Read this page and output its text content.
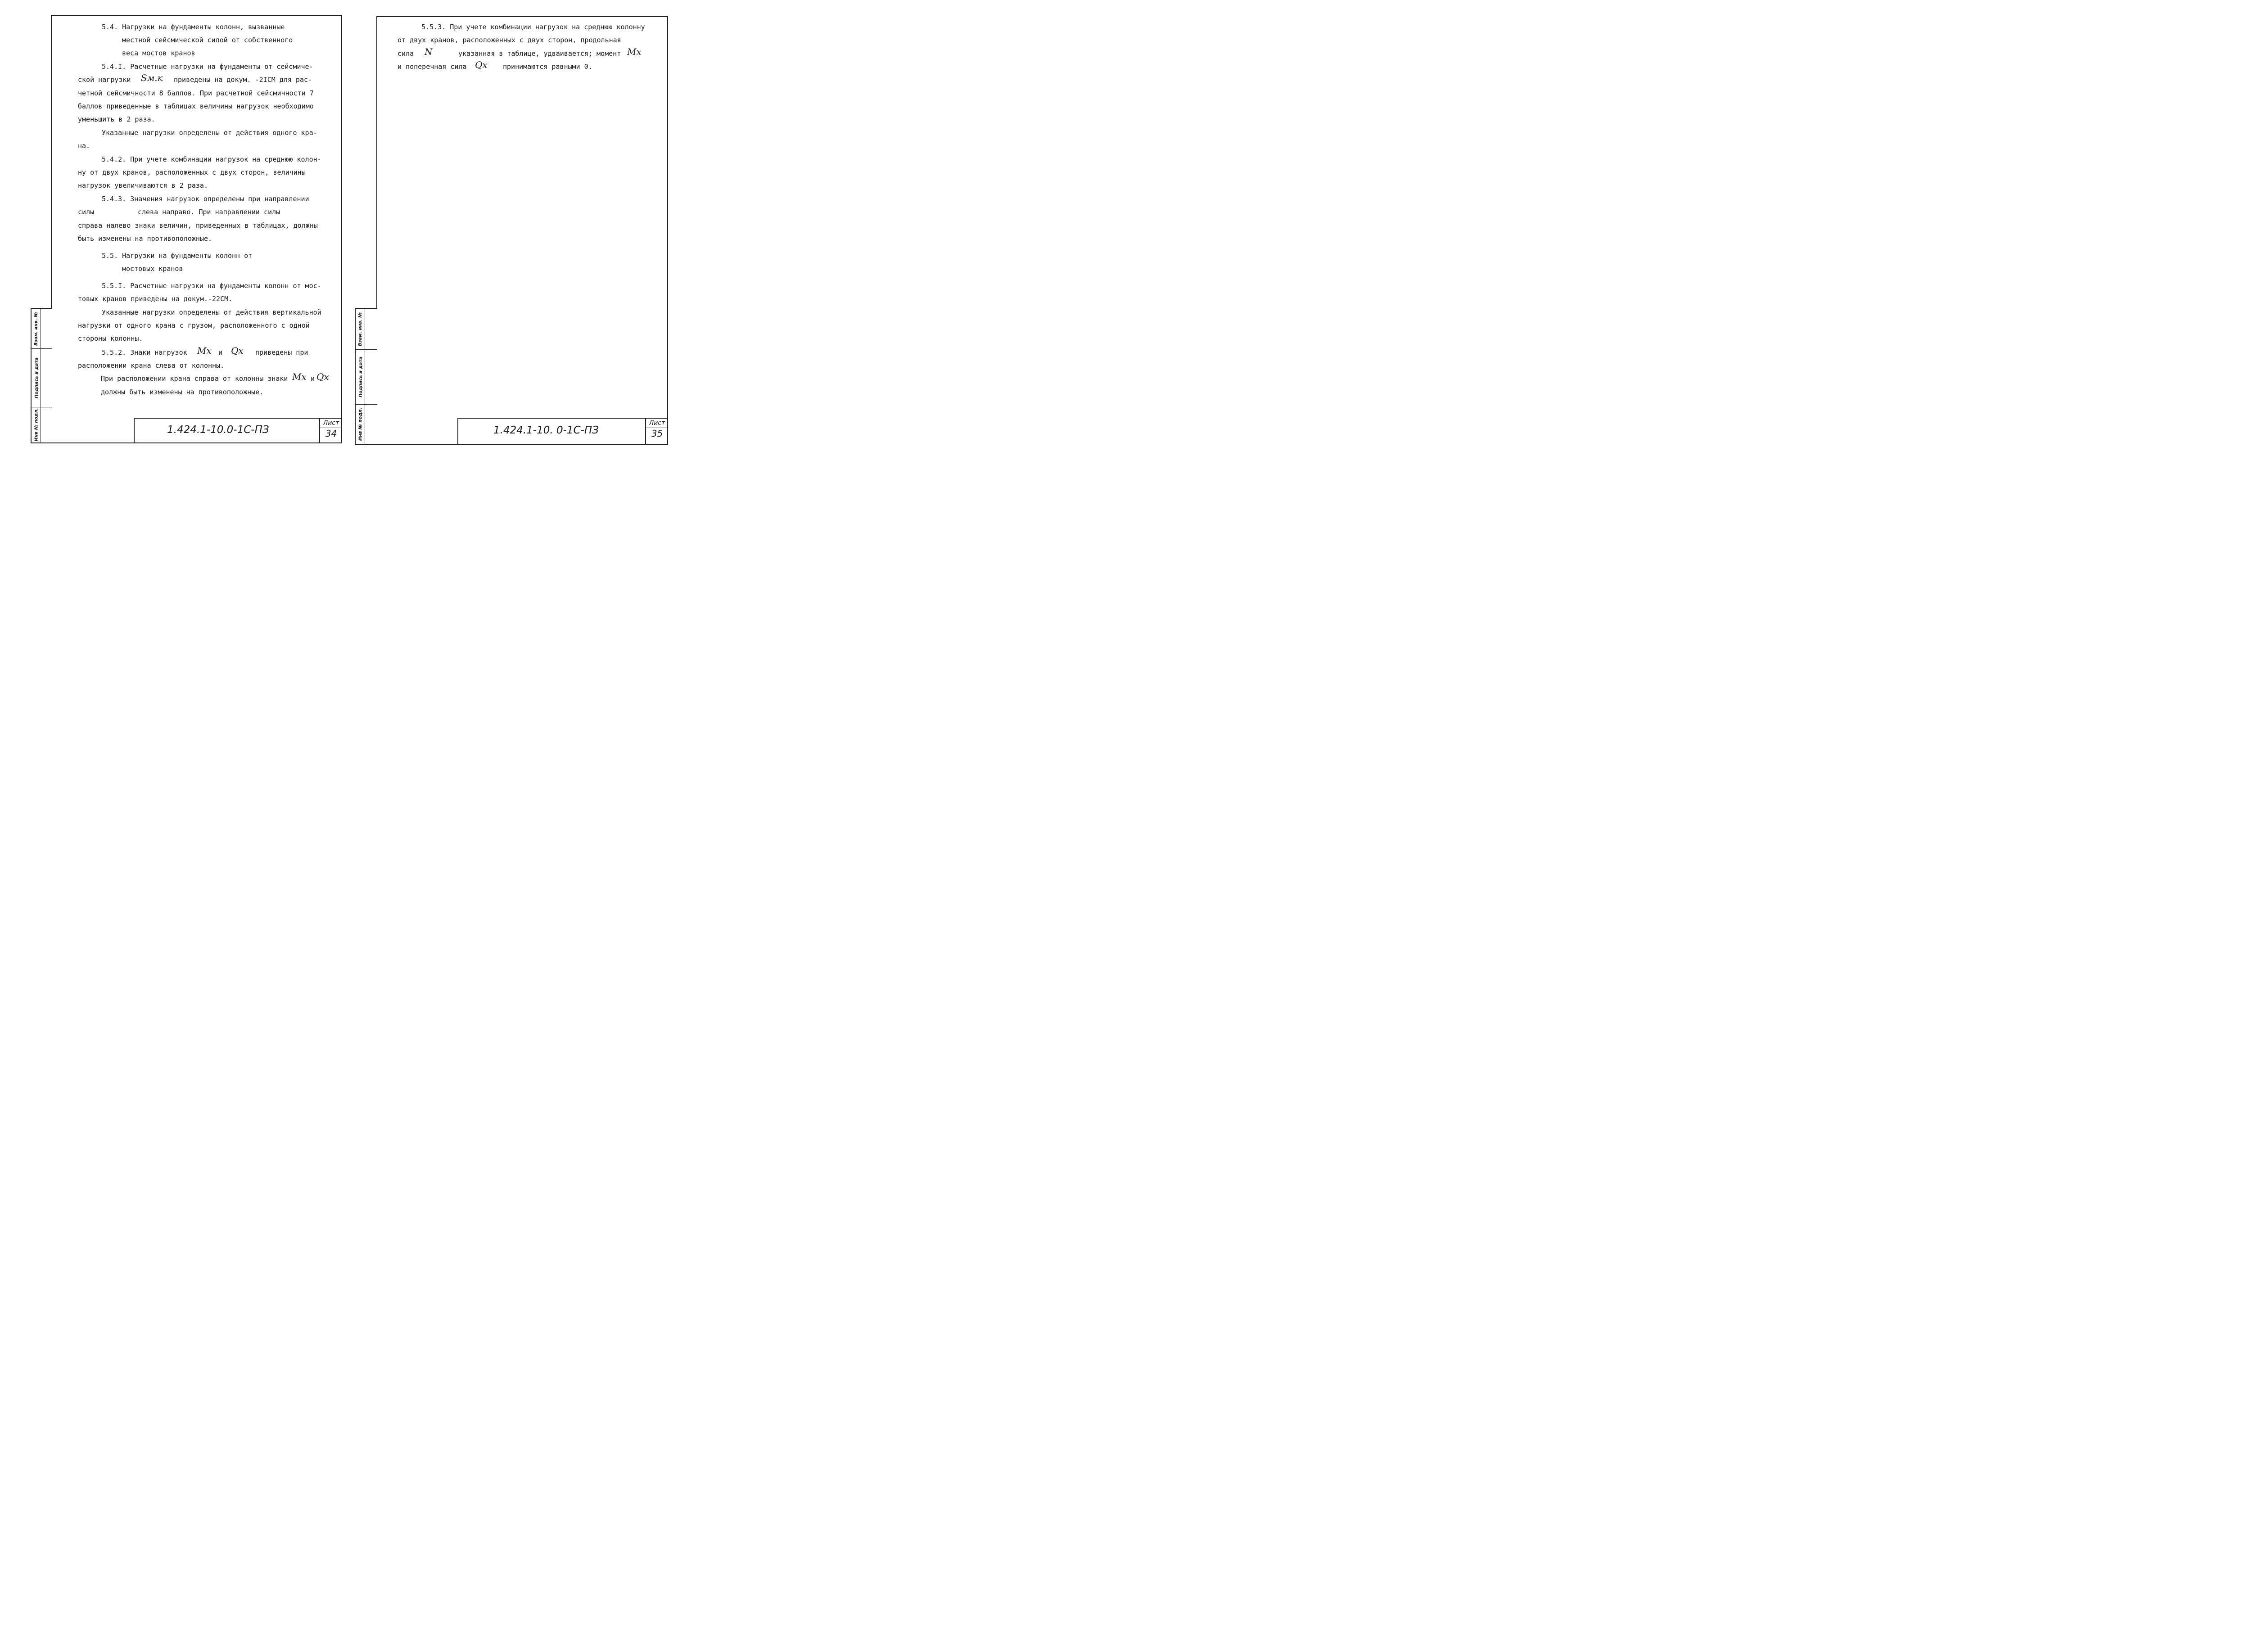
Взам. инв. №
Подпись и дата
Инв № подл.
5.4. Нагрузки на фундаменты колонн, вызванные
местной сейсмической силой от собственного
веса мостов кранов
5.4.I. Расчетные нагрузки на фундаменты от сейсмиче-
ской нагрузки Sм.к приведены на докум. -2ICM для рас-
четной сейсмичности 8 баллов. При расчетной сейсмичности 7
баллов приведенные в таблицах величины нагрузок необходимо
уменьшить в 2 раза.
Указанные нагрузки определены от действия одного кра-
на.
5.4.2. При учете комбинации нагрузок на среднюю колон-
ну от двух кранов, расположенных с двух сторон, величины
нагрузок увеличиваются в 2 раза.
5.4.3. Значения нагрузок определены при направлении
силы	слева направо. При направлении силы
справа налево знаки величин, приведенных в таблицах, должны
быть изменены на противоположные.
5.5. Нагрузки на фундаменты колонн от
мостовых кранов
5.5.I. Расчетные нагрузки на фундаменты колонн от мос-
товых кранов приведены на докум.-22CM.
Указанные нагрузки определены от действия вертикальной
нагрузки от одного крана с грузом, расположенного с одной
стороны колонны.
5.5.2. Знаки нагрузок Mx и Qx приведены при
расположении крана слева от колонны.
При расположении крана справа от колонны знаки Mx и Qx
должны быть изменены на противоположные.
1.424.1-10.0-1C-ПЗ
Лист
34
Взам. инв. №
Подпись и дата
Инв № подл.
5.5.3. При учете комбинации нагрузок на среднюю колонну
от двух кранов, расположенных с двух сторон, продольная
сила N	указанная в таблице, удваивается; момент Mx
и поперечная сила Qx принимаются равными 0.
1.424.1-10. 0-1C-ПЗ
Лист
35
